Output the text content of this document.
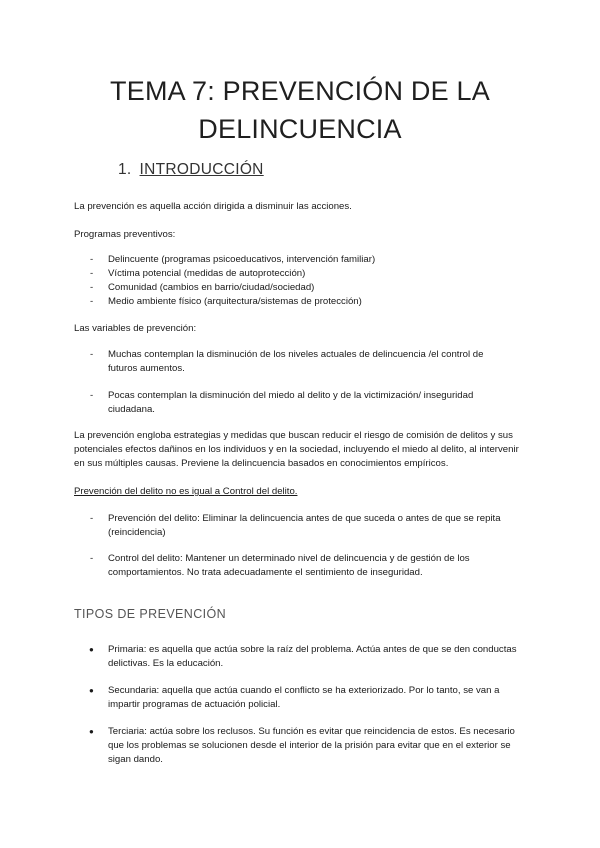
TEMA 7: PREVENCIÓN DE LA
DELINCUENCIA
1. INTRODUCCIÓN
La prevención es aquella acción dirigida a disminuir las acciones.
Programas preventivos:
- Delincuente (programas psicoeducativos, intervención familiar)
- Víctima potencial (medidas de autoprotección)
- Comunidad (cambios en barrio/ciudad/sociedad)
- Medio ambiente físico (arquitectura/sistemas de protección)
Las variables de prevención:
- Muchas contemplan la disminución de los niveles actuales de delincuencia /el control de futuros aumentos.
- Pocas contemplan la disminución del miedo al delito y de la victimización/ inseguridad ciudadana.
La prevención engloba estrategias y medidas que buscan reducir el riesgo de comisión de delitos y sus potenciales efectos dañinos en los individuos y en la sociedad, incluyendo el miedo al delito, al intervenir en sus múltiples causas. Previene la delincuencia basados en conocimientos empíricos.
Prevención del delito no es igual a Control del delito.
- Prevención del delito: Eliminar la delincuencia antes de que suceda o antes de que se repita (reincidencia)
- Control del delito: Mantener un determinado nivel de delincuencia y de gestión de los comportamientos. No trata adecuadamente el sentimiento de inseguridad.
TIPOS DE PREVENCIÓN
● Primaria: es aquella que actúa sobre la raíz del problema. Actúa antes de que se den conductas delictivas. Es la educación.
● Secundaria: aquella que actúa cuando el conflicto se ha exteriorizado. Por lo tanto, se van a impartir programas de actuación policial.
● Terciaria: actúa sobre los reclusos. Su función es evitar que reincidencia de estos. Es necesario que los problemas se solucionen desde el interior de la prisión para evitar que en el exterior se sigan dando.
